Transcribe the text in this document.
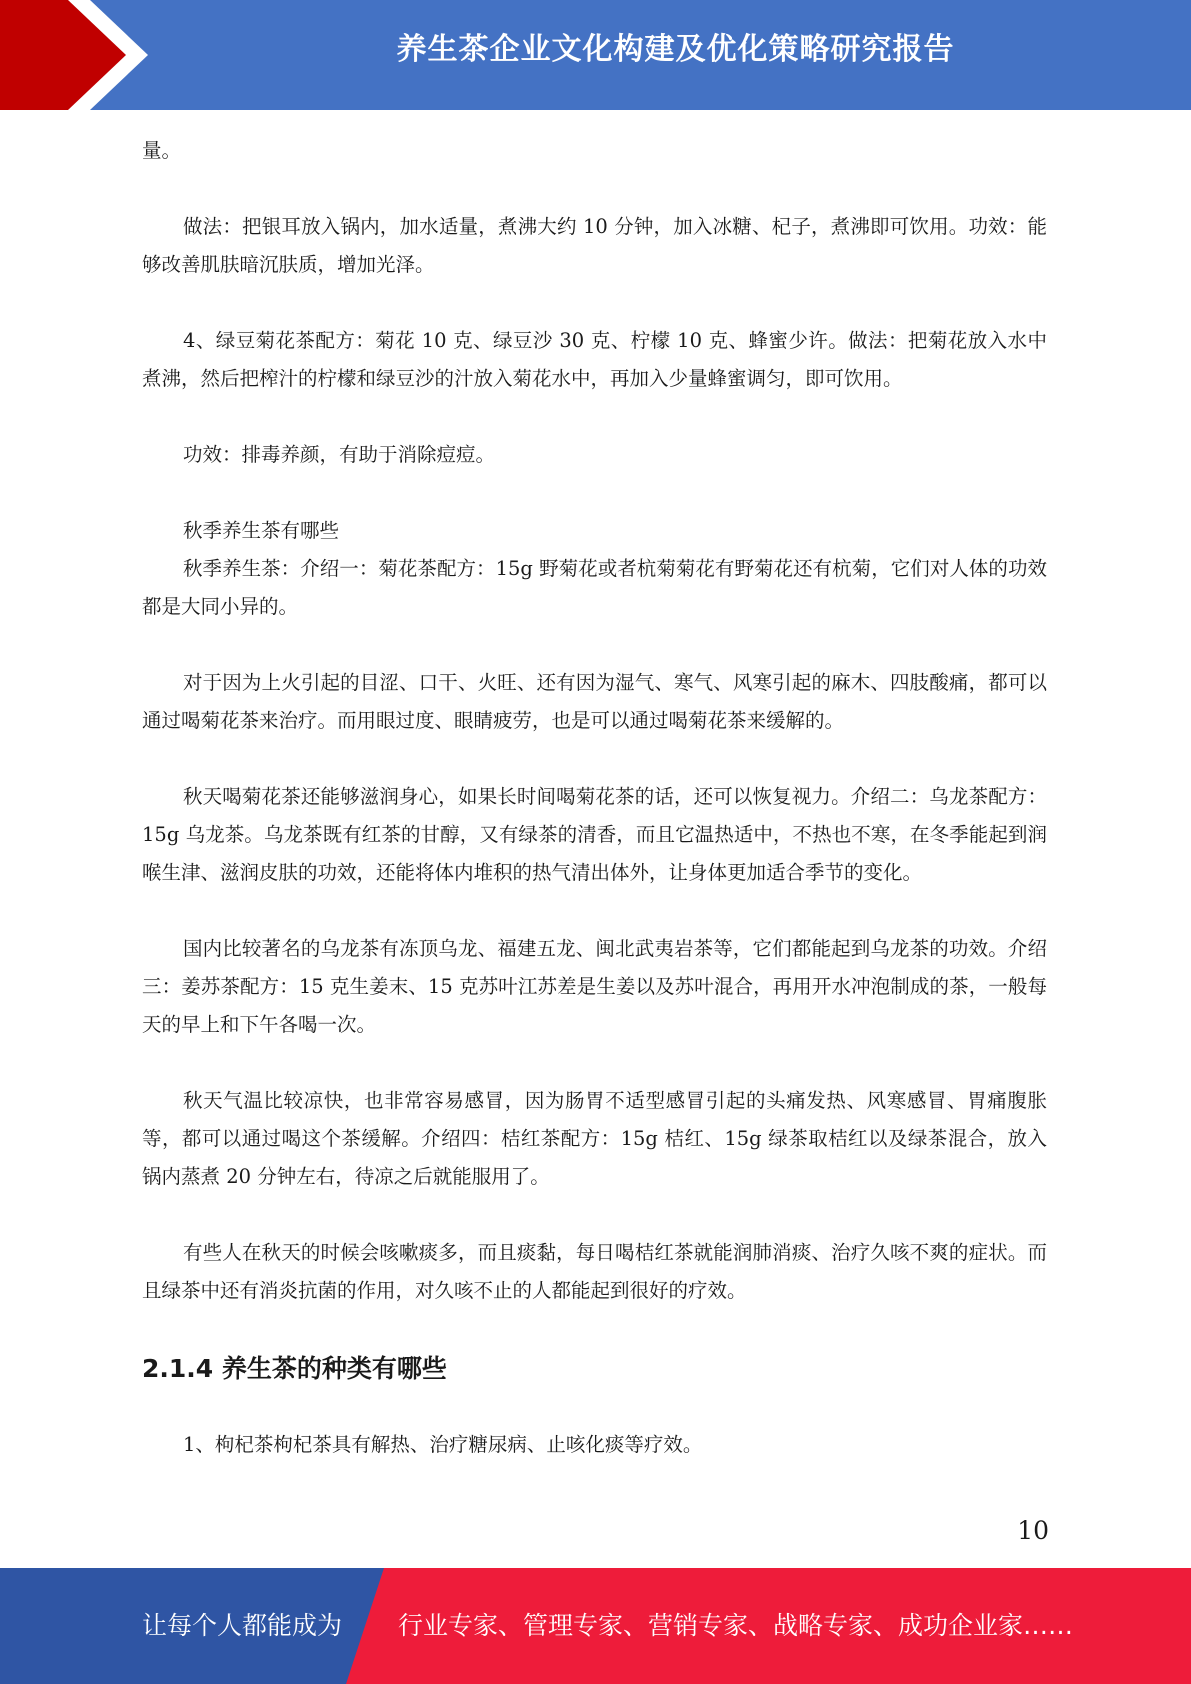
养生茶企业文化构建及优化策略研究报告

量。

做法：把银耳放入锅内，加水适量，煮沸大约 10 分钟，加入冰糖、杞子，煮沸即可饮用。功效：能够改善肌肤暗沉肤质，增加光泽。

4、绿豆菊花茶配方：菊花 10 克、绿豆沙 30 克、柠檬 10 克、蜂蜜少许。做法：把菊花放入水中煮沸，然后把榨汁的柠檬和绿豆沙的汁放入菊花水中，再加入少量蜂蜜调匀，即可饮用。

功效：排毒养颜，有助于消除痘痘。

秋季养生茶有哪些

秋季养生茶：介绍一：菊花茶配方：15g 野菊花或者杭菊菊花有野菊花还有杭菊，它们对人体的功效都是大同小异的。

对于因为上火引起的目涩、口干、火旺、还有因为湿气、寒气、风寒引起的麻木、四肢酸痛，都可以通过喝菊花茶来治疗。而用眼过度、眼睛疲劳，也是可以通过喝菊花茶来缓解的。

秋天喝菊花茶还能够滋润身心，如果长时间喝菊花茶的话，还可以恢复视力。介绍二：乌龙茶配方：15g 乌龙茶。乌龙茶既有红茶的甘醇，又有绿茶的清香，而且它温热适中，不热也不寒，在冬季能起到润喉生津、滋润皮肤的功效，还能将体内堆积的热气清出体外，让身体更加适合季节的变化。

国内比较著名的乌龙茶有冻顶乌龙、福建五龙、闽北武夷岩茶等，它们都能起到乌龙茶的功效。介绍三：姜苏茶配方：15 克生姜末、15 克苏叶江苏差是生姜以及苏叶混合，再用开水冲泡制成的茶，一般每天的早上和下午各喝一次。

秋天气温比较凉快，也非常容易感冒，因为肠胃不适型感冒引起的头痛发热、风寒感冒、胃痛腹胀等，都可以通过喝这个茶缓解。介绍四：桔红茶配方：15g 桔红、15g 绿茶取桔红以及绿茶混合，放入锅内蒸煮 20 分钟左右，待凉之后就能服用了。

有些人在秋天的时候会咳嗽痰多，而且痰黏，每日喝桔红茶就能润肺消痰、治疗久咳不爽的症状。而且绿茶中还有消炎抗菌的作用，对久咳不止的人都能起到很好的疗效。

2.1.4 养生茶的种类有哪些

1、枸杞茶枸杞茶具有解热、治疗糖尿病、止咳化痰等疗效。

10
让每个人都能成为 行业专家、管理专家、营销专家、战略专家、成功企业家……
